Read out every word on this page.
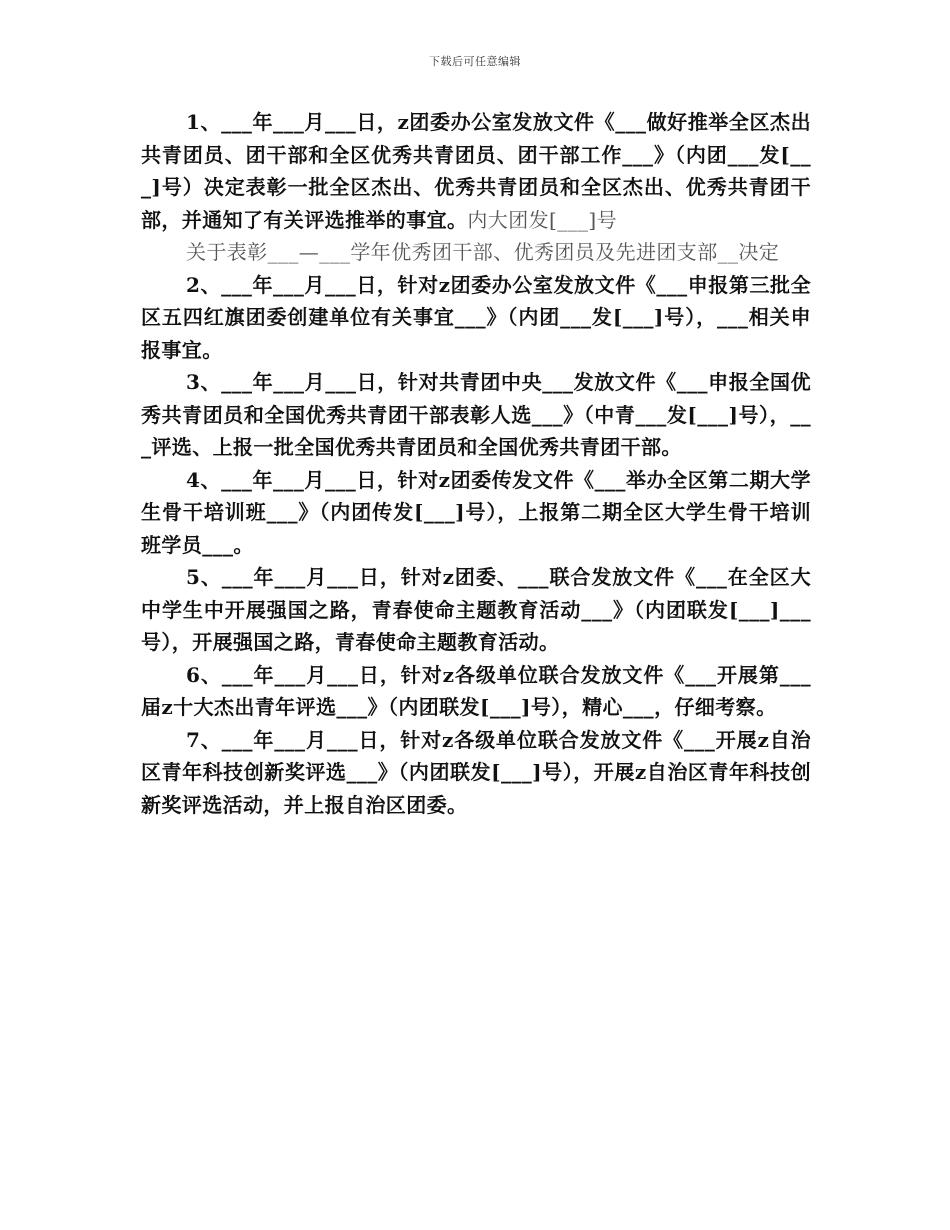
下载后可任意编辑

1、___年___月___日，z团委办公室发放文件《___做好推举全区杰出共青团员、团干部和全区优秀共青团员、团干部工作___》（内团___发[___]号）决定表彰一批全区杰出、优秀共青团员和全区杰出、优秀共青团干部，并通知了有关评选推举的事宜。内大团发[___]号

关于表彰___—___学年优秀团干部、优秀团员及先进团支部__决定

2、___年___月___日，针对z团委办公室发放文件《___申报第三批全区五四红旗团委创建单位有关事宜___》（内团___发[___]号），___相关申报事宜。

3、___年___月___日，针对共青团中央___发放文件《___申报全国优秀共青团员和全国优秀共青团干部表彰人选___》（中青___发[___]号），___评选、上报一批全国优秀共青团员和全国优秀共青团干部。

4、___年___月___日，针对z团委传发文件《___举办全区第二期大学生骨干培训班___》（内团传发[___]号），上报第二期全区大学生骨干培训班学员___。

5、___年___月___日，针对z团委、___联合发放文件《___在全区大中学生中开展强国之路，青春使命主题教育活动___》（内团联发[___]___号），开展强国之路，青春使命主题教育活动。

6、___年___月___日，针对z各级单位联合发放文件《___开展第___届z十大杰出青年评选___》（内团联发[___]号），精心___，仔细考察。

7、___年___月___日，针对z各级单位联合发放文件《___开展z自治区青年科技创新奖评选___》（内团联发[___]号），开展z自治区青年科技创新奖评选活动，并上报自治区团委。
